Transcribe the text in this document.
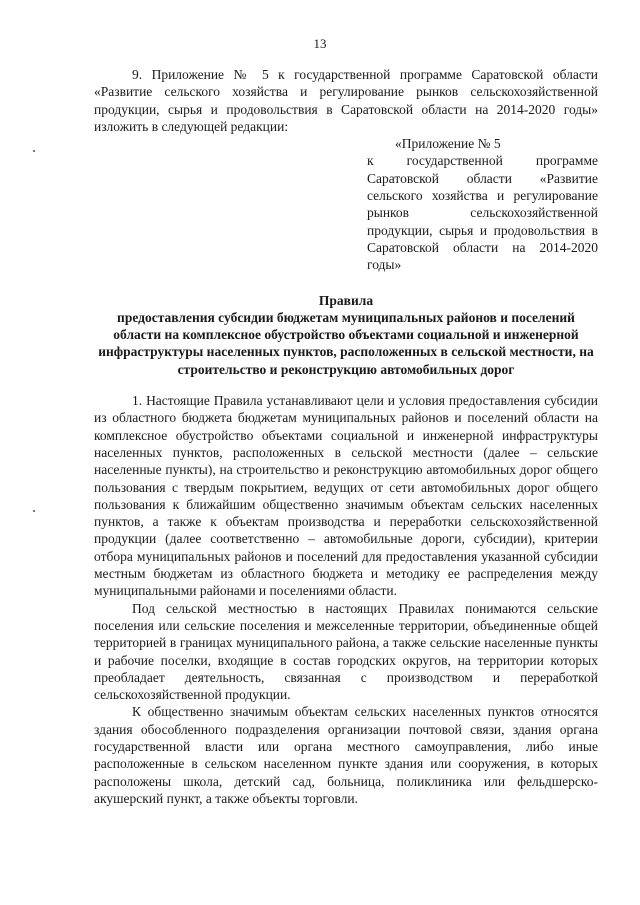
13

9. Приложение № 5 к государственной программе Саратовской области «Развитие сельского хозяйства и регулирование рынков сельскохозяйственной продукции, сырья и продовольствия в Саратовской области на 2014-2020 годы» изложить в следующей редакции:

«Приложение № 5

к государственной программе Саратовской области «Развитие сельского хозяйства и регулирование рынков сельскохозяйственной продукции, сырья и продовольствия в Саратовской области на 2014-2020 годы»

Правила

предоставления субсидии бюджетам муниципальных районов и поселений области на комплексное обустройство объектами социальной и инженерной инфраструктуры населенных пунктов, расположенных в сельской местности, на строительство и реконструкцию автомобильных дорог

1. Настоящие Правила устанавливают цели и условия предоставления субсидии из областного бюджета бюджетам муниципальных районов и поселений области на комплексное обустройство объектами социальной и инженерной инфраструктуры населенных пунктов, расположенных в сельской местности (далее – сельские населенные пункты), на строительство и реконструкцию автомобильных дорог общего пользования с твердым покрытием, ведущих от сети автомобильных дорог общего пользования к ближайшим общественно значимым объектам сельских населенных пунктов, а также к объектам производства и переработки сельскохозяйственной продукции (далее соответственно – автомобильные дороги, субсидии), критерии отбора муниципальных районов и поселений для предоставления указанной субсидии местным бюджетам из областного бюджета и методику ее распределения между муниципальными районами и поселениями области.

Под сельской местностью в настоящих Правилах понимаются сельские поселения или сельские поселения и межселенные территории, объединенные общей территорией в границах муниципального района, а также сельские населенные пункты и рабочие поселки, входящие в состав городских округов, на территории которых преобладает деятельность, связанная с производством и переработкой сельскохозяйственной продукции.

К общественно значимым объектам сельских населенных пунктов относятся здания обособленного подразделения организации почтовой связи, здания органа государственной власти или органа местного самоуправления, либо иные расположенные в сельском населенном пункте здания или сооружения, в которых расположены школа, детский сад, больница, поликлиника или фельдшерско-акушерский пункт, а также объекты торговли.
